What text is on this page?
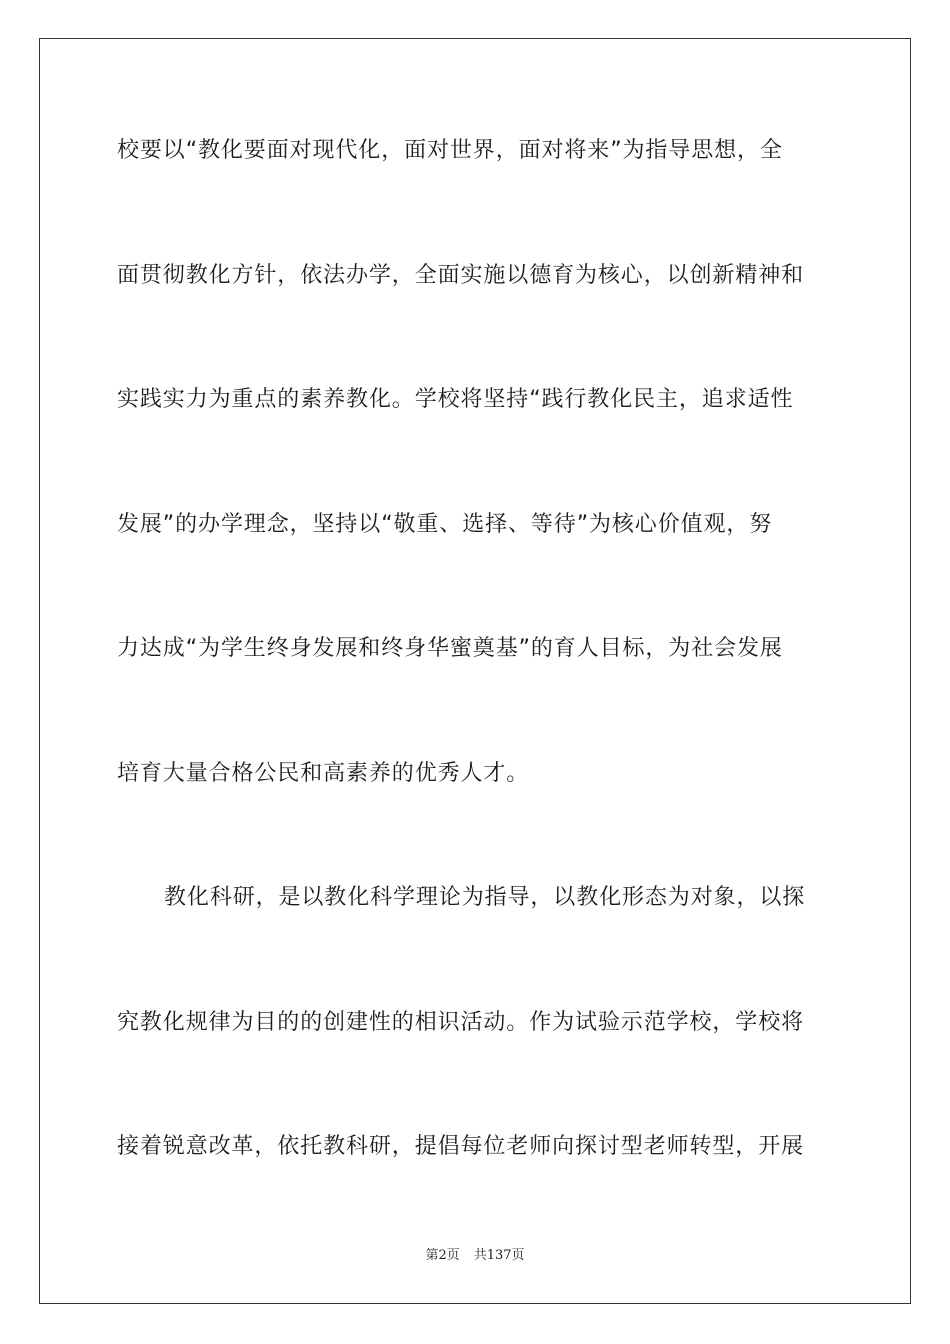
校要以“教化要面对现代化，面对世界，面对将来”为指导思想，全
面贯彻教化方针，依法办学，全面实施以德育为核心，以创新精神和
实践实力为重点的素养教化。学校将坚持“践行教化民主，追求适性
发展”的办学理念，坚持以“敬重、选择、等待”为核心价值观，努
力达成“为学生终身发展和终身华蜜奠基”的育人目标，为社会发展
培育大量合格公民和高素养的优秀人才。
教化科研，是以教化科学理论为指导，以教化形态为对象，以探
究教化规律为目的的创建性的相识活动。作为试验示范学校，学校将
接着锐意改革，依托教科研，提倡每位老师向探讨型老师转型，开展
第2页 共137页
